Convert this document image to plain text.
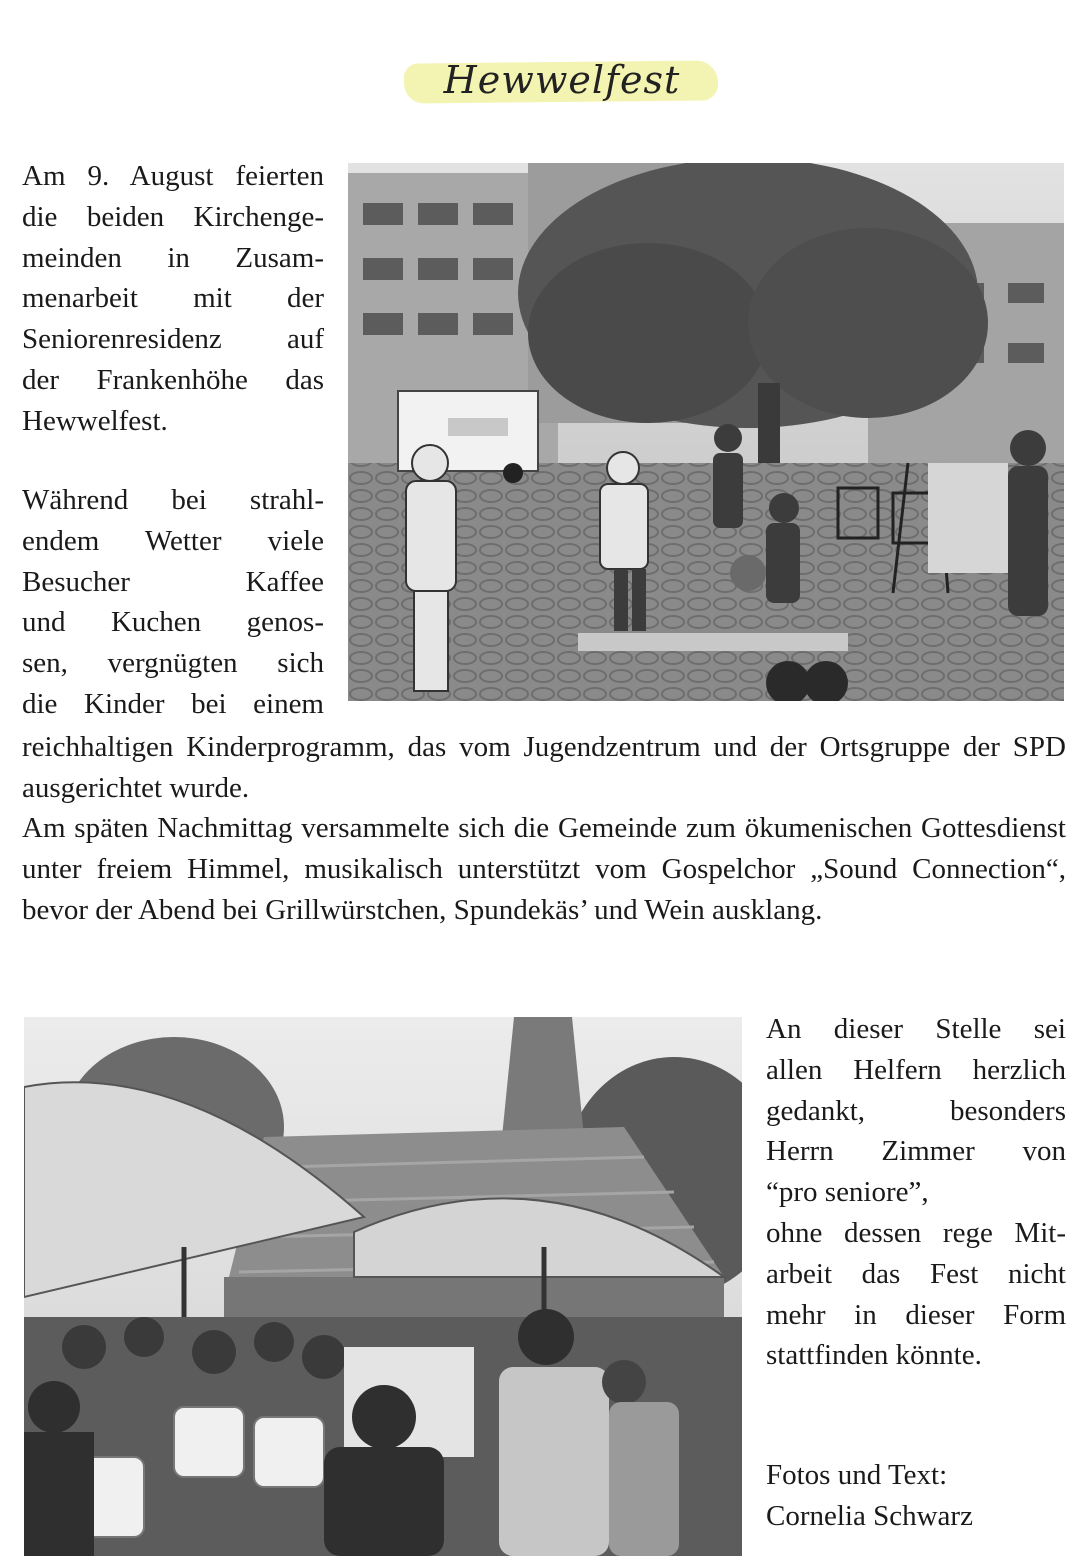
Hewwelfest
Am 9. August feierten
die beiden Kirchenge-
meinden in Zusam-
menarbeit mit der
Seniorenresidenz auf
der Frankenhöhe das
Hewwelfest.
Während bei strahl-
endem Wetter viele
Besucher Kaffee
und Kuchen genos-
sen, vergnügten sich
die Kinder bei einem
reichhaltigen Kinderprogramm, das vom Jugendzentrum und der Ortsgruppe der SPD ausgerichtet wurde.
Am späten Nachmittag versammelte sich die Gemeinde zum ökumenischen Gottesdienst unter freiem Himmel, musikalisch unterstützt vom Gospelchor „Sound Connection“, bevor der Abend bei Grillwürstchen, Spundekäs’ und Wein ausklang.
An dieser Stelle sei
allen Helfern herzlich
gedankt, besonders
Herrn Zimmer von
“pro seniore”,
ohne dessen rege Mit-
arbeit das Fest nicht
mehr in dieser Form
stattfinden könnte.
Fotos und Text:
Cornelia Schwarz
